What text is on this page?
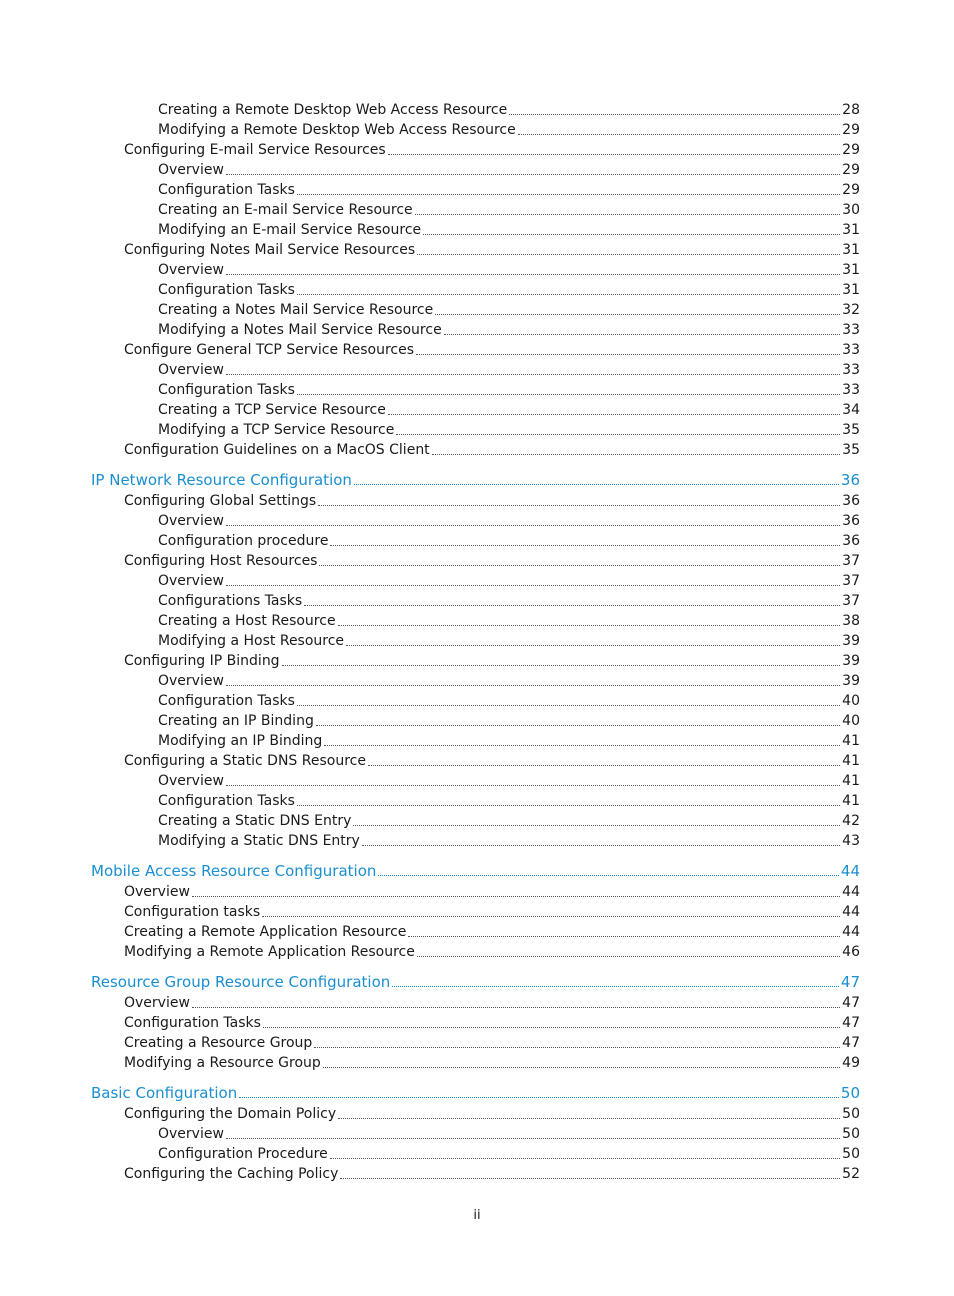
Creating a Remote Desktop Web Access Resource	28
Modifying a Remote Desktop Web Access Resource	29
Configuring E-mail Service Resources	29
Overview	29
Configuration Tasks	29
Creating an E-mail Service Resource	30
Modifying an E-mail Service Resource	31
Configuring Notes Mail Service Resources	31
Overview	31
Configuration Tasks	31
Creating a Notes Mail Service Resource	32
Modifying a Notes Mail Service Resource	33
Configure General TCP Service Resources	33
Overview	33
Configuration Tasks	33
Creating a TCP Service Resource	34
Modifying a TCP Service Resource	35
Configuration Guidelines on a MacOS Client	35
IP Network Resource Configuration	36
Configuring Global Settings	36
Overview	36
Configuration procedure	36
Configuring Host Resources	37
Overview	37
Configurations Tasks	37
Creating a Host Resource	38
Modifying a Host Resource	39
Configuring IP Binding	39
Overview	39
Configuration Tasks	40
Creating an IP Binding	40
Modifying an IP Binding	41
Configuring a Static DNS Resource	41
Overview	41
Configuration Tasks	41
Creating a Static DNS Entry	42
Modifying a Static DNS Entry	43
Mobile Access Resource Configuration	44
Overview	44
Configuration tasks	44
Creating a Remote Application Resource	44
Modifying a Remote Application Resource	46
Resource Group Resource Configuration	47
Overview	47
Configuration Tasks	47
Creating a Resource Group	47
Modifying a Resource Group	49
Basic Configuration	50
Configuring the Domain Policy	50
Overview	50
Configuration Procedure	50
Configuring the Caching Policy	52
ii
